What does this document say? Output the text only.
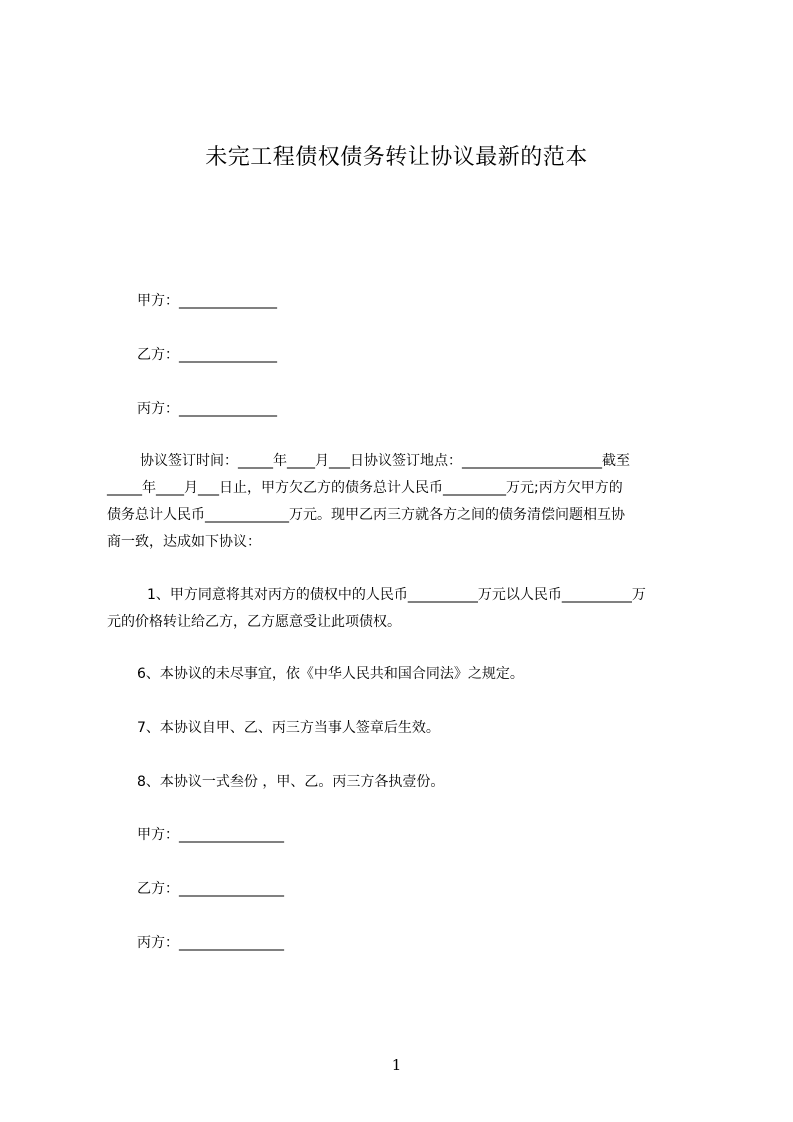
未完工程债权债务转让协议最新的范本
甲方：______________
乙方：______________
丙方：______________
协议签订时间：_____年____月___日协议签订地点：____________________截至
_____年____月___日止，甲方欠乙方的债务总计人民币_________万元;丙方欠甲方的
债务总计人民币____________万元。现甲乙丙三方就各方之间的债务清偿问题相互协
商一致，达成如下协议：
1、甲方同意将其对丙方的债权中的人民币__________万元以人民币__________万
元的价格转让给乙方，乙方愿意受让此项债权。
6、本协议的未尽事宜，依《中华人民共和国合同法》之规定。
7、本协议自甲、乙、丙三方当事人签章后生效。
8、本协议一式叁份 ，甲、乙。丙三方各执壹份。
甲方：_______________
乙方：_______________
丙方：_______________
1
